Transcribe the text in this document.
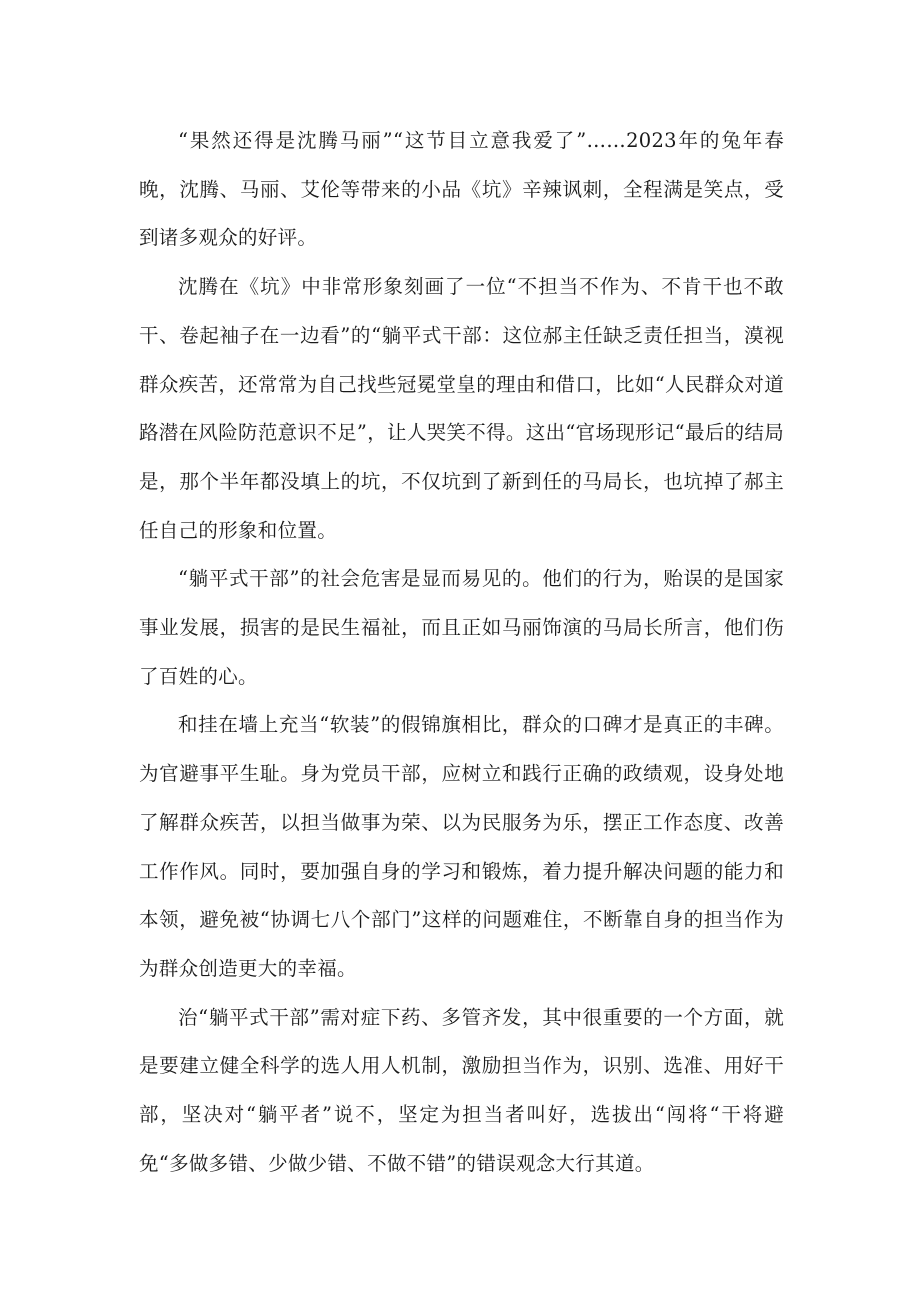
“果然还得是沈腾马丽”“这节目立意我爱了”……2023年的兔年春晚，沈腾、马丽、艾伦等带来的小品《坑》辛辣讽刺，全程满是笑点，受到诸多观众的好评。

沈腾在《坑》中非常形象刻画了一位“不担当不作为、不肯干也不敢干、卷起袖子在一边看”的“躺平式干部：这位郝主任缺乏责任担当，漠视群众疾苦，还常常为自己找些冠冕堂皇的理由和借口，比如“人民群众对道路潜在风险防范意识不足”，让人哭笑不得。这出“官场现形记“最后的结局是，那个半年都没填上的坑，不仅坑到了新到任的马局长，也坑掉了郝主任自己的形象和位置。

“躺平式干部”的社会危害是显而易见的。他们的行为，贻误的是国家事业发展，损害的是民生福祉，而且正如马丽饰演的马局长所言，他们伤了百姓的心。

和挂在墙上充当“软装”的假锦旗相比，群众的口碑才是真正的丰碑。为官避事平生耻。身为党员干部，应树立和践行正确的政绩观，设身处地了解群众疾苦，以担当做事为荣、以为民服务为乐，摆正工作态度、改善工作作风。同时，要加强自身的学习和锻炼，着力提升解决问题的能力和本领，避免被“协调七八个部门”这样的问题难住，不断靠自身的担当作为为群众创造更大的幸福。

治“躺平式干部”需对症下药、多管齐发，其中很重要的一个方面，就是要建立健全科学的选人用人机制，激励担当作为，识别、选准、用好干部，坚决对“躺平者”说不，坚定为担当者叫好，选拔出“闯将“干将避免“多做多错、少做少错、不做不错”的错误观念大行其道。
